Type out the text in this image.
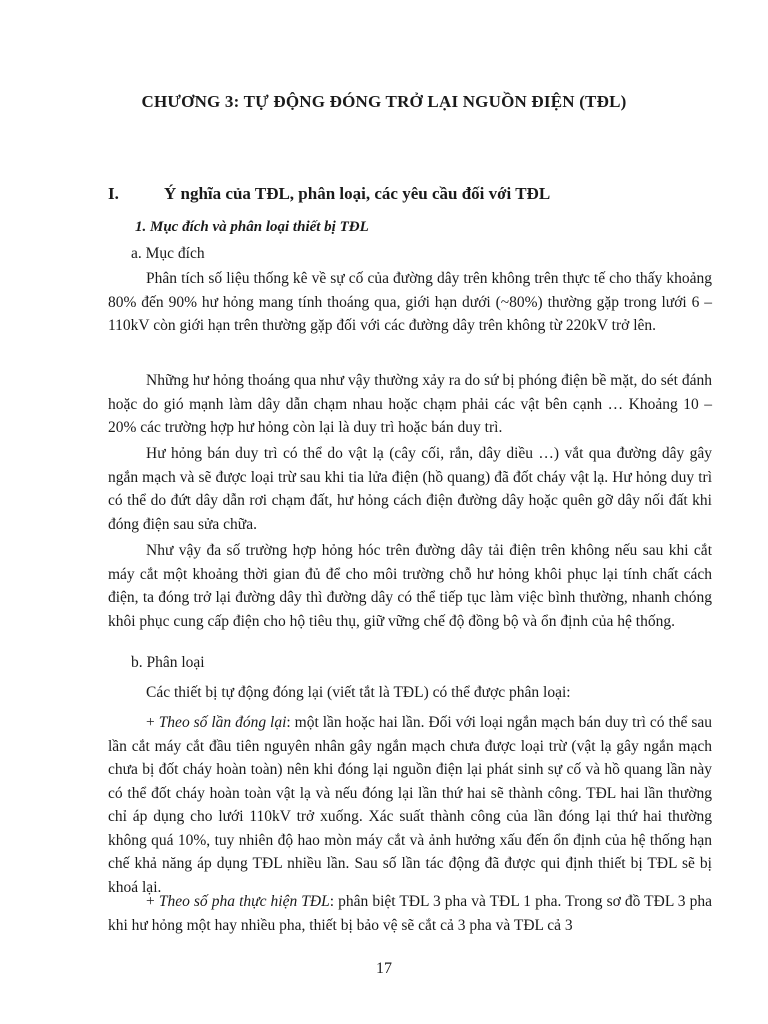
CHƯƠNG 3: TỰ ĐỘNG ĐÓNG TRỞ LẠI NGUỒN ĐIỆN (TĐL)
I.	Ý nghĩa của TĐL, phân loại, các yêu cầu đối với TĐL
1. Mục đích và phân loại thiết bị TĐL
a. Mục đích

Phân tích số liệu thống kê về sự cố của đường dây trên không trên thực tế cho thấy khoảng 80% đến 90% hư hỏng mang tính thoáng qua, giới hạn dưới (~80%) thường gặp trong lưới 6 – 110kV còn giới hạn trên thường gặp đối với các đường dây trên không từ 220kV trở lên.

Những hư hỏng thoáng qua như vậy thường xảy ra do sứ bị phóng điện bề mặt, do sét đánh hoặc do gió mạnh làm dây dẫn chạm nhau hoặc chạm phải các vật bên cạnh … Khoảng 10 – 20% các trường hợp hư hỏng còn lại là duy trì hoặc bán duy trì.

Hư hỏng bán duy trì có thể do vật lạ (cây cối, rắn, dây diều …) vắt qua đường dây gây ngắn mạch và sẽ được loại trừ sau khi tia lửa điện (hồ quang) đã đốt cháy vật lạ. Hư hỏng duy trì có thể do đứt dây dẫn rơi chạm đất, hư hỏng cách điện đường dây hoặc quên gỡ dây nối đất khi đóng điện sau sửa chữa.

Như vậy đa số trường hợp hỏng hóc trên đường dây tải điện trên không nếu sau khi cắt máy cắt một khoảng thời gian đủ để cho môi trường chỗ hư hỏng khôi phục lại tính chất cách điện, ta đóng trở lại đường dây thì đường dây có thể tiếp tục làm việc bình thường, nhanh chóng khôi phục cung cấp điện cho hộ tiêu thụ, giữ vững chế độ đồng bộ và ổn định của hệ thống.

b. Phân loại

Các thiết bị tự động đóng lại (viết tắt là TĐL) có thể được phân loại:

+ Theo số lần đóng lại: một lần hoặc hai lần. Đối với loại ngắn mạch bán duy trì có thể sau lần cắt máy cắt đầu tiên nguyên nhân gây ngắn mạch chưa được loại trừ (vật lạ gây ngắn mạch chưa bị đốt cháy hoàn toàn) nên khi đóng lại nguồn điện lại phát sinh sự cố và hồ quang lần này có thể đốt cháy hoàn toàn vật lạ và nếu đóng lại lần thứ hai sẽ thành công. TĐL hai lần thường chỉ áp dụng cho lưới 110kV trở xuống. Xác suất thành công của lần đóng lại thứ hai thường không quá 10%, tuy nhiên độ hao mòn máy cắt và ảnh hưởng xấu đến ổn định của hệ thống hạn chế khả năng áp dụng TĐL nhiều lần. Sau số lần tác động đã được qui định thiết bị TĐL sẽ bị khoá lại.

+ Theo số pha thực hiện TĐL: phân biệt TĐL 3 pha và TĐL 1 pha. Trong sơ đồ TĐL 3 pha khi hư hỏng một hay nhiều pha, thiết bị bảo vệ sẽ cắt cả 3 pha và TĐL cả 3

17
